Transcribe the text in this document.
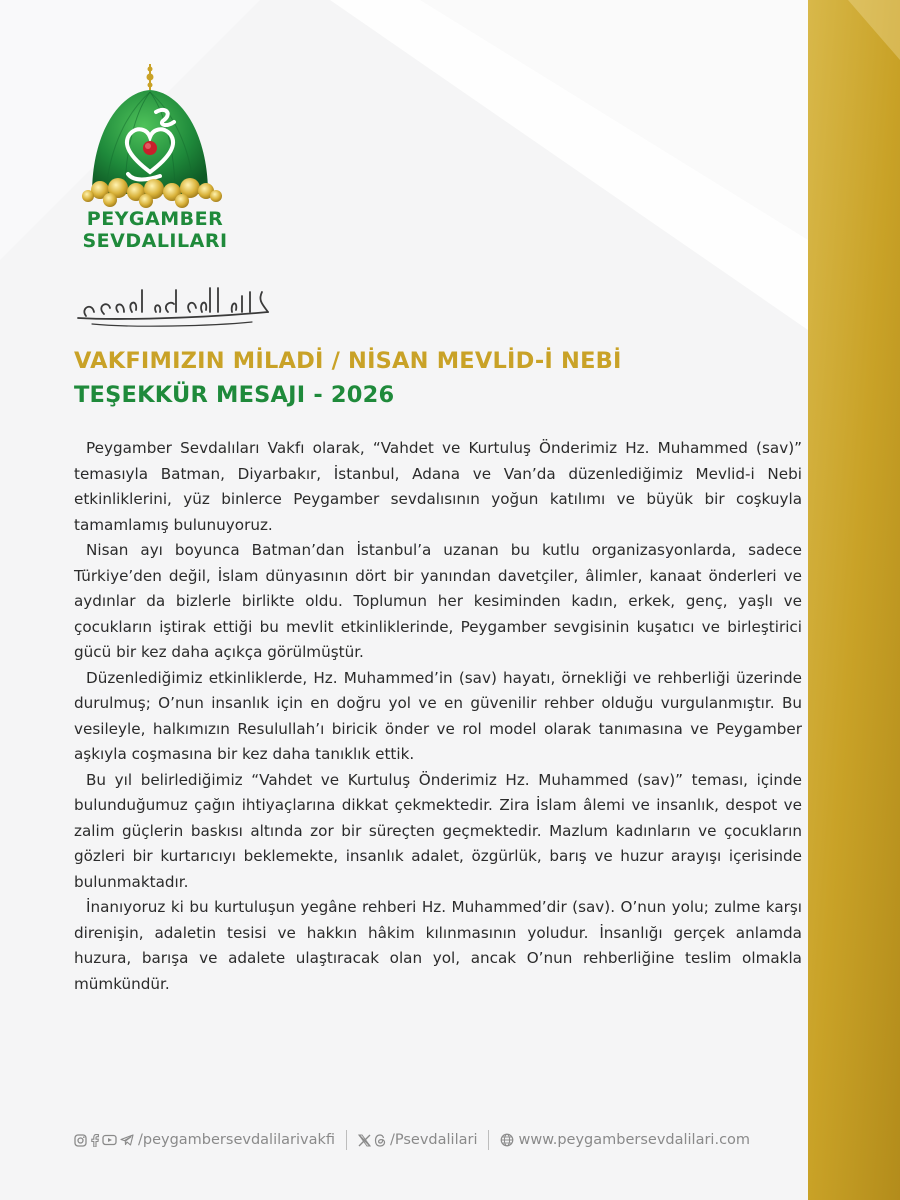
PEYGAMBER
SEVDALILARI
VAKFIMIZIN MİLADİ / NİSAN MEVLİD-İ NEBİ
TEŞEKKÜR MESAJI - 2026

Peygamber Sevdalıları Vakfı olarak, “Vahdet ve Kurtuluş Önderimiz Hz. Muhammed (sav)” temasıyla Batman, Diyarbakır, İstanbul, Adana ve Van’da düzenlediğimiz Mevlid-i Nebi etkinliklerini, yüz binlerce Peygamber sevdalısının yoğun katılımı ve büyük bir coşkuyla tamamlamış bulunuyoruz.

Nisan ayı boyunca Batman’dan İstanbul’a uzanan bu kutlu organizasyonlarda, sadece Türkiye’den değil, İslam dünyasının dört bir yanından davetçiler, âlimler, kanaat önderleri ve aydınlar da bizlerle birlikte oldu. Toplumun her kesiminden kadın, erkek, genç, yaşlı ve çocukların iştirak ettiği bu mevlit etkinliklerinde, Peygamber sevgisinin kuşatıcı ve birleştirici gücü bir kez daha açıkça görülmüştür.

Düzenlediğimiz etkinliklerde, Hz. Muhammed’in (sav) hayatı, örnekliği ve rehberliği üzerinde durulmuş; O’nun insanlık için en doğru yol ve en güvenilir rehber olduğu vurgulanmıştır. Bu vesileyle, halkımızın Resulullah’ı biricik önder ve rol model olarak tanımasına ve Peygamber aşkıyla coşmasına bir kez daha tanıklık ettik.

Bu yıl belirlediğimiz “Vahdet ve Kurtuluş Önderimiz Hz. Muhammed (sav)” teması, içinde bulunduğumuz çağın ihtiyaçlarına dikkat çekmektedir. Zira İslam âlemi ve insanlık, despot ve zalim güçlerin baskısı altında zor bir süreçten geçmektedir. Mazlum kadınların ve çocukların gözleri bir kurtarıcıyı beklemekte, insanlık adalet, özgürlük, barış ve huzur arayışı içerisinde bulunmaktadır.

İnanıyoruz ki bu kurtuluşun yegâne rehberi Hz. Muhammed’dir (sav). O’nun yolu; zulme karşı direnişin, adaletin tesisi ve hakkın hâkim kılınmasının yoludur. İnsanlığı gerçek anlamda huzura, barışa ve adalete ulaştıracak olan yol, ancak O’nun rehberliğine teslim olmakla mümkündür.

/peygambersevdalilarivakfi	/Psevdalilari	www.peygambersevdalilari.com
